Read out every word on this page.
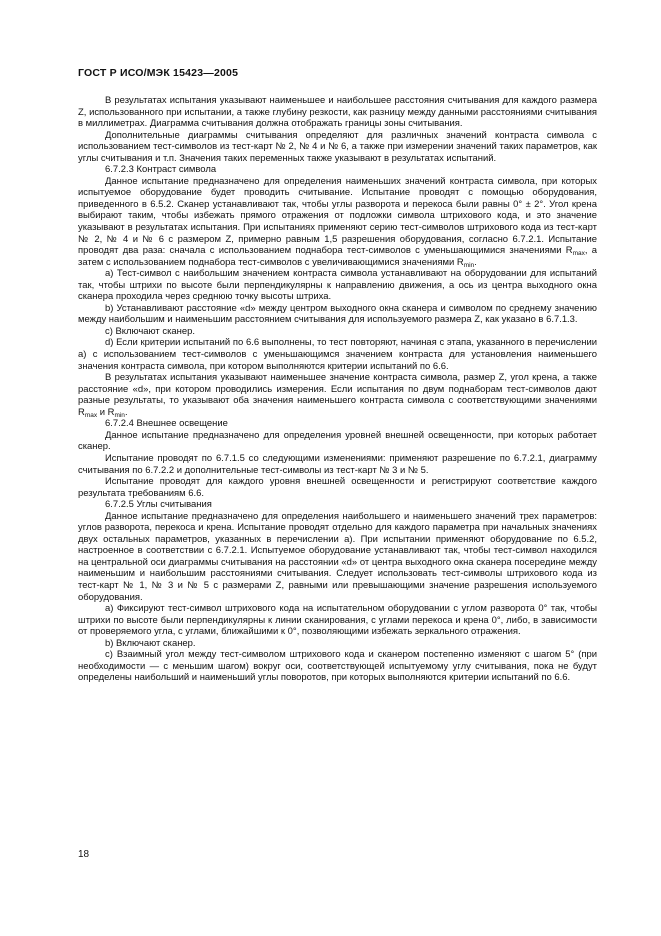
ГОСТ Р ИСО/МЭК 15423—2005

В результатах испытания указывают наименьшее и наибольшее расстояния считывания для каждого размера Z, использованного при испытании, а также глубину резкости, как разницу между данными расстояниями считывания в миллиметрах. Диаграмма считывания должна отображать границы зоны считывания.

Дополнительные диаграммы считывания определяют для различных значений контраста символа с использованием тест-символов из тест-карт № 2, № 4 и № 6, а также при измерении значений таких параметров, как углы считывания и т.п. Значения таких переменных также указывают в результатах испытаний.

6.7.2.3 Контраст символа

Данное испытание предназначено для определения наименьших значений контраста символа, при которых испытуемое оборудование будет проводить считывание. Испытание проводят с помощью оборудования, приведенного в 6.5.2. Сканер устанавливают так, чтобы углы разворота и перекоса были равны 0° ± 2°. Угол крена выбирают таким, чтобы избежать прямого отражения от подложки символа штрихового кода, и это значение указывают в результатах испытания. При испытаниях применяют серию тест-символов штрихового кода из тест-карт № 2, № 4 и № 6 с размером Z, примерно равным 1,5 разрешения оборудования, согласно 6.7.2.1. Испытание проводят два раза: сначала с использованием поднабора тест-символов с уменьшающимися значениями $R_{max}$, а затем с использованием поднабора тест-символов с увеличивающимися значениями $R_{min}$.

a) Тест-символ с наибольшим значением контраста символа устанавливают на оборудовании для испытаний так, чтобы штрихи по высоте были перпендикулярны к направлению движения, а ось из центра выходного окна сканера проходила через среднюю точку высоты штриха.

b) Устанавливают расстояние «d» между центром выходного окна сканера и символом по среднему значению между наибольшим и наименьшим расстоянием считывания для используемого размера Z, как указано в 6.7.1.3.

c) Включают сканер.

d) Если критерии испытаний по 6.6 выполнены, то тест повторяют, начиная с этапа, указанного в перечислении а) с использованием тест-символов с уменьшающимся значением контраста для установления наименьшего значения контраста символа, при котором выполняются критерии испытаний по 6.6.

В результатах испытания указывают наименьшее значение контраста символа, размер Z, угол крена, а также расстояние «d», при котором проводились измерения. Если испытания по двум поднаборам тест-символов дают разные результаты, то указывают оба значения наименьшего контраста символа с соответствующими значениями $R_{max}$ и $R_{min}$.

6.7.2.4 Внешнее освещение

Данное испытание предназначено для определения уровней внешней освещенности, при которых работает сканер.

Испытание проводят по 6.7.1.5 со следующими изменениями: применяют разрешение по 6.7.2.1, диаграмму считывания по 6.7.2.2 и дополнительные тест-символы из тест-карт № 3 и № 5.

Испытание проводят для каждого уровня внешней освещенности и регистрируют соответствие каждого результата требованиям 6.6.

6.7.2.5 Углы считывания

Данное испытание предназначено для определения наибольшего и наименьшего значений трех параметров: углов разворота, перекоса и крена. Испытание проводят отдельно для каждого параметра при начальных значениях двух остальных параметров, указанных в перечислении а). При испытании применяют оборудование по 6.5.2, настроенное в соответствии с 6.7.2.1. Испытуемое оборудование устанавливают так, чтобы тест-символ находился на центральной оси диаграммы считывания на расстоянии «d» от центра выходного окна сканера посередине между наименьшим и наибольшим расстояниями считывания. Следует использовать тест-символы штрихового кода из тест-карт № 1, № 3 и № 5 с размерами Z, равными или превышающими значение разрешения используемого оборудования.

a) Фиксируют тест-символ штрихового кода на испытательном оборудовании с углом разворота 0° так, чтобы штрихи по высоте были перпендикулярны к линии сканирования, с углами перекоса и крена 0°, либо, в зависимости от проверяемого угла, с углами, ближайшими к 0°, позволяющими избежать зеркального отражения.

b) Включают сканер.

c) Взаимный угол между тест-символом штрихового кода и сканером постепенно изменяют с шагом 5° (при необходимости — с меньшим шагом) вокруг оси, соответствующей испытуемому углу считывания, пока не будут определены наибольший и наименьший углы поворотов, при которых выполняются критерии испытаний по 6.6.

18
